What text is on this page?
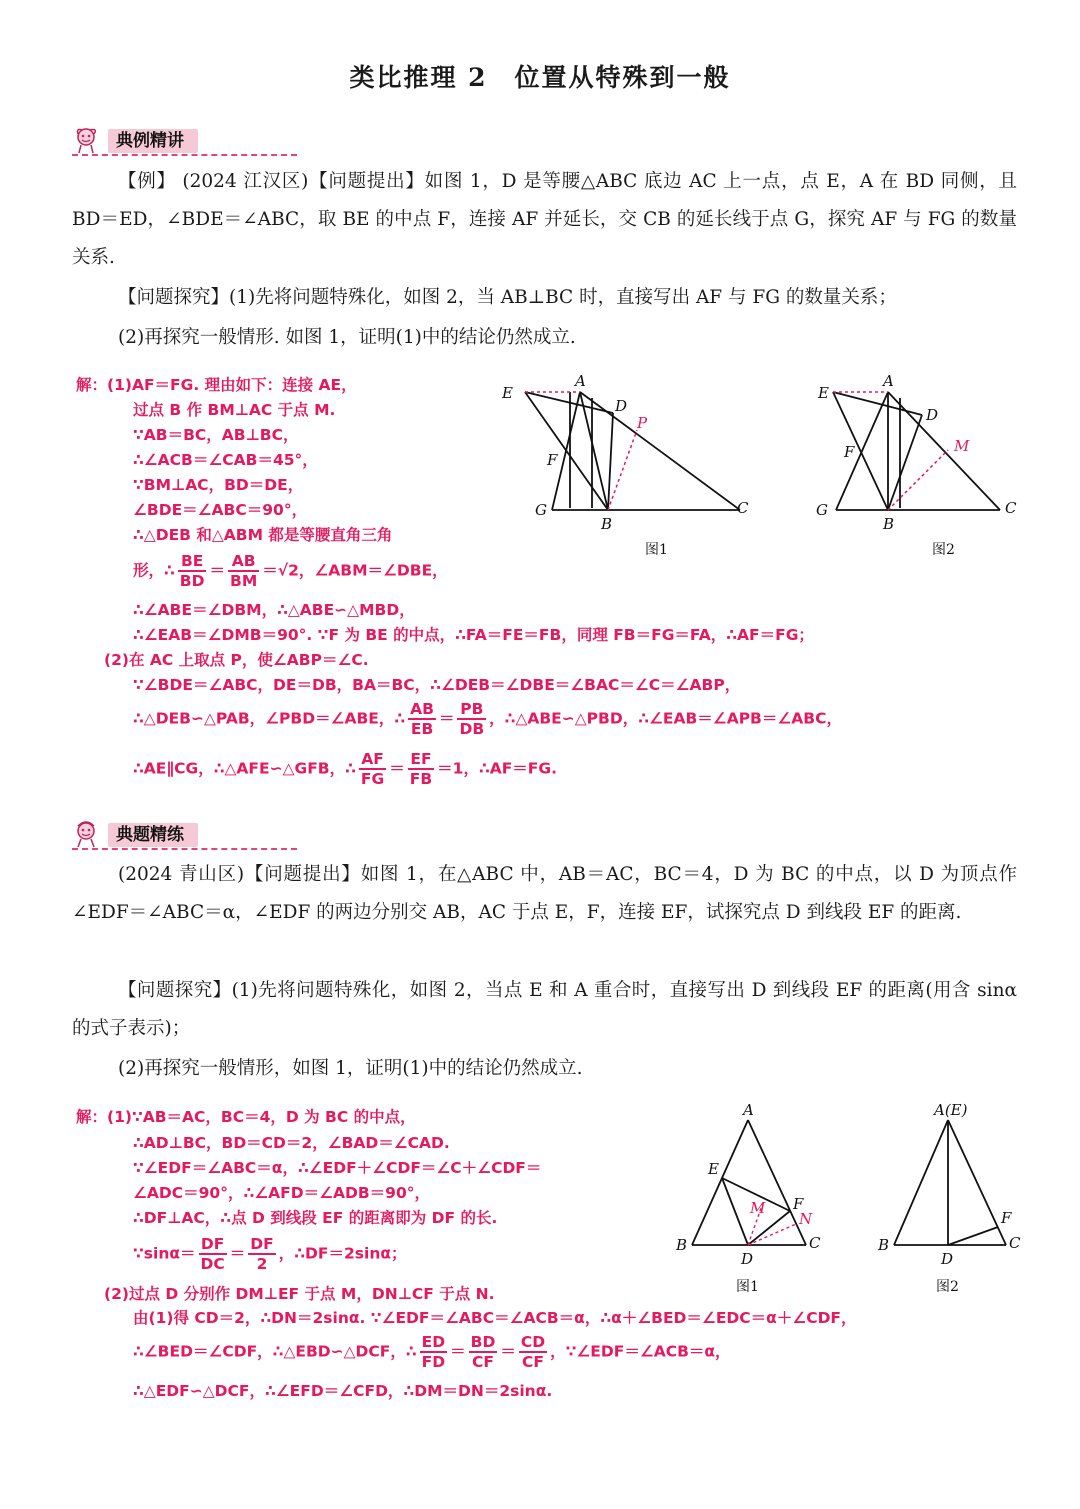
类比推理 2　位置从特殊到一般
典例精讲
【例】 (2024 江汉区)【问题提出】如图 1，D 是等腰△ABC 底边 AC 上一点，点 E，A 在 BD 同侧，且 BD＝ED，∠BDE＝∠ABC，取 BE 的中点 F，连接 AF 并延长，交 CB 的延长线于点 G，探究 AF 与 FG 的数量关系.
【问题探究】(1)先将问题特殊化，如图 2，当 AB⊥BC 时，直接写出 AF 与 FG 的数量关系；
(2)再探究一般情形. 如图 1，证明(1)中的结论仍然成立.
解：(1)AF＝FG. 理由如下：连接 AE，
过点 B 作 BM⊥AC 于点 M.
∵AB＝BC，AB⊥BC，
∴∠ACB＝∠CAB＝45°，
∵BM⊥AC，BD＝DE，
∠BDE＝∠ABC＝90°，
∴△DEB 和△ABM 都是等腰直角三角
形，∴ $\frac{BE}{BD} = \frac{AB}{BM} =√2$，∠ABM＝∠DBE，
∴∠ABE＝∠DBM，∴△ABE∽△MBD，
∴∠EAB＝∠DMB＝90°. ∵F 为 BE 的中点，∴FA＝FE＝FB，同理 FB＝FG＝FA，∴AF＝FG；
(2)在 AC 上取点 P，使∠ABP＝∠C.
∵∠BDE＝∠ABC，DE＝DB，BA＝BC，∴∠DEB＝∠DBE＝∠BAC＝∠C＝∠ABP，
∴△DEB∽△PAB，∠PBD＝∠ABE，∴ $\frac{AB}{EB} = \frac{PB}{DB}$ ，∴△ABE∽△PBD，∴∠EAB＝∠APB＝∠ABC，
∴AE∥CG，∴△AFE∽△GFB，∴ $\frac{AF}{FG} = \frac{EF}{FB} =1$，∴AF＝FG.
E
A
D
P
F
G
B
C
图1
E
A
D
M
F
G
B
C
图2
典题精练
(2024 青山区)【问题提出】如图 1，在△ABC 中，AB＝AC，BC＝4，D 为 BC 的中点，以 D 为顶点作∠EDF＝∠ABC＝α，∠EDF 的两边分别交 AB，AC 于点 E，F，连接 EF，试探究点 D 到线段 EF 的距离.
【问题探究】(1)先将问题特殊化，如图 2，当点 E 和 A 重合时，直接写出 D 到线段 EF 的距离(用含 sinα 的式子表示)；
(2)再探究一般情形，如图 1，证明(1)中的结论仍然成立.
解：(1)∵AB＝AC，BC＝4，D 为 BC 的中点，
∴AD⊥BC，BD＝CD＝2，∠BAD＝∠CAD.
∵∠EDF＝∠ABC＝α，∴∠EDF＋∠CDF＝∠C＋∠CDF＝
∠ADC＝90°，∴∠AFD＝∠ADB＝90°，
∴DF⊥AC，∴点 D 到线段 EF 的距离即为 DF 的长.
∵sinα＝ $\frac{DF}{DC} = \frac{DF}{2}$ ，∴DF＝2sinα；
(2)过点 D 分别作 DM⊥EF 于点 M，DN⊥CF 于点 N.
由(1)得 CD＝2，∴DN＝2sinα. ∵∠EDF＝∠ABC＝∠ACB＝α，∴α＋∠BED＝∠EDC＝α＋∠CDF，
∴∠BED＝∠CDF，∴△EBD∽△DCF，∴ $\frac{ED}{FD} = \frac{BD}{CF} = \frac{CD}{CF}$ ，∵∠EDF＝∠ACB＝α，
∴△EDF∽△DCF，∴∠EFD＝∠CFD，∴DM＝DN＝2sinα.
A
E
F
M
N
B
D
C
图1
A(E)
F
B
D
C
图2
